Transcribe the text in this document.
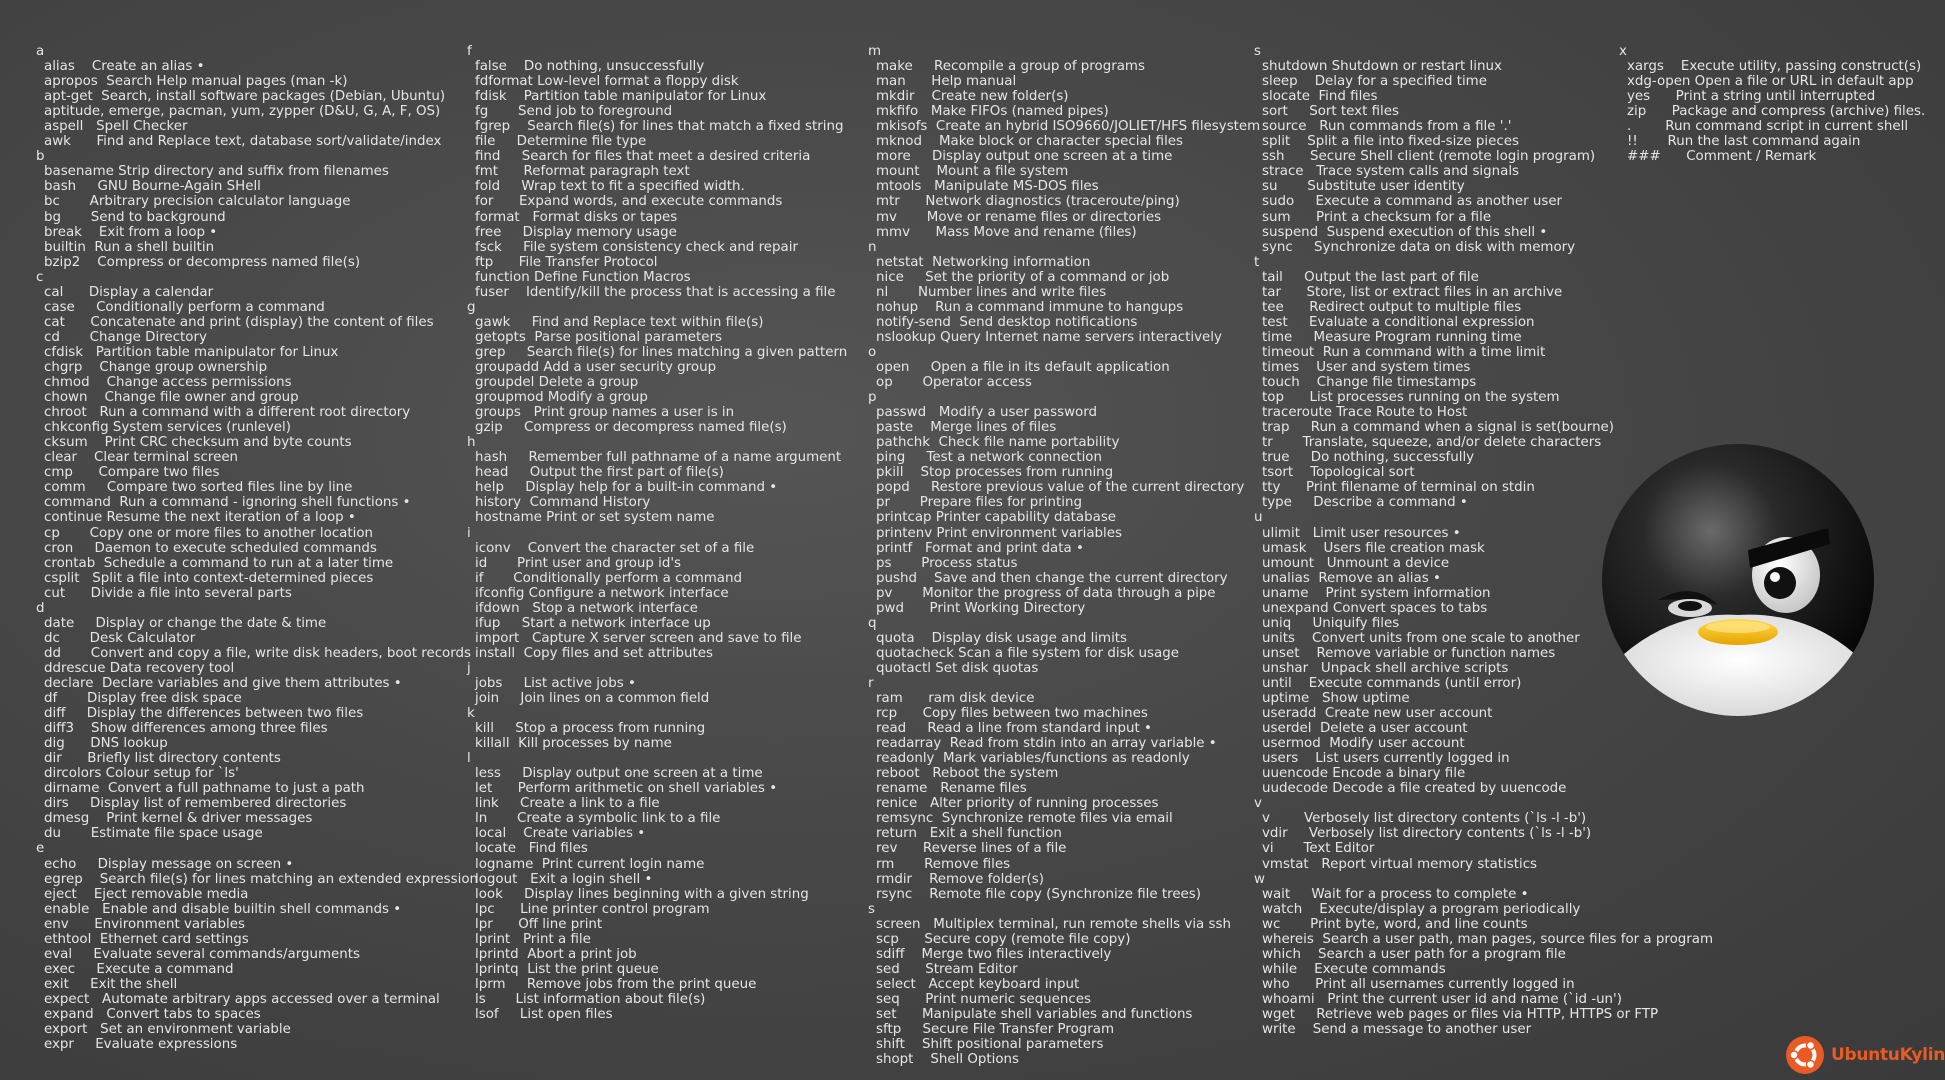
a
alias    Create an alias •
apropos  Search Help manual pages (man -k)
apt-get  Search, install software packages (Debian, Ubuntu)
aptitude, emerge, pacman, yum, zypper (D&U, G, A, F, OS)
aspell   Spell Checker
awk      Find and Replace text, database sort/validate/index
b
basename Strip directory and suffix from filenames
bash     GNU Bourne-Again SHell
bc       Arbitrary precision calculator language
bg       Send to background
break    Exit from a loop •
builtin  Run a shell builtin
bzip2    Compress or decompress named file(s)
c
cal      Display a calendar
case     Conditionally perform a command
cat      Concatenate and print (display) the content of files
cd       Change Directory
cfdisk   Partition table manipulator for Linux
chgrp    Change group ownership
chmod    Change access permissions
chown    Change file owner and group
chroot   Run a command with a different root directory
chkconfig System services (runlevel)
cksum    Print CRC checksum and byte counts
clear    Clear terminal screen
cmp      Compare two files
comm     Compare two sorted files line by line
command  Run a command - ignoring shell functions •
continue Resume the next iteration of a loop •
cp       Copy one or more files to another location
cron     Daemon to execute scheduled commands
crontab  Schedule a command to run at a later time
csplit   Split a file into context-determined pieces
cut      Divide a file into several parts
d
date     Display or change the date & time
dc       Desk Calculator
dd       Convert and copy a file, write disk headers, boot records
ddrescue Data recovery tool
declare  Declare variables and give them attributes •
df       Display free disk space
diff     Display the differences between two files
diff3    Show differences among three files
dig      DNS lookup
dir      Briefly list directory contents
dircolors Colour setup for `ls'
dirname  Convert a full pathname to just a path
dirs     Display list of remembered directories
dmesg    Print kernel & driver messages
du       Estimate file space usage
e
echo     Display message on screen •
egrep    Search file(s) for lines matching an extended expression
eject    Eject removable media
enable   Enable and disable builtin shell commands •
env      Environment variables
ethtool  Ethernet card settings
eval     Evaluate several commands/arguments
exec     Execute a command
exit     Exit the shell
expect   Automate arbitrary apps accessed over a terminal
expand   Convert tabs to spaces
export   Set an environment variable
expr     Evaluate expressions
f
false    Do nothing, unsuccessfully
fdformat Low-level format a floppy disk
fdisk    Partition table manipulator for Linux
fg       Send job to foreground
fgrep    Search file(s) for lines that match a fixed string
file     Determine file type
find     Search for files that meet a desired criteria
fmt      Reformat paragraph text
fold     Wrap text to fit a specified width.
for      Expand words, and execute commands
format   Format disks or tapes
free     Display memory usage
fsck     File system consistency check and repair
ftp      File Transfer Protocol
function Define Function Macros
fuser    Identify/kill the process that is accessing a file
g
gawk     Find and Replace text within file(s)
getopts  Parse positional parameters
grep     Search file(s) for lines matching a given pattern
groupadd Add a user security group
groupdel Delete a group
groupmod Modify a group
groups   Print group names a user is in
gzip     Compress or decompress named file(s)
h
hash     Remember full pathname of a name argument
head     Output the first part of file(s)
help     Display help for a built-in command •
history  Command History
hostname Print or set system name
i
iconv    Convert the character set of a file
id       Print user and group id's
if       Conditionally perform a command
ifconfig Configure a network interface
ifdown   Stop a network interface
ifup     Start a network interface up
import   Capture X server screen and save to file
install  Copy files and set attributes
j
jobs     List active jobs •
join     Join lines on a common field
k
kill     Stop a process from running
killall  Kill processes by name
l
less     Display output one screen at a time
let      Perform arithmetic on shell variables •
link     Create a link to a file
ln       Create a symbolic link to a file
local    Create variables •
locate   Find files
logname  Print current login name
logout   Exit a login shell •
look     Display lines beginning with a given string
lpc      Line printer control program
lpr      Off line print
lprint   Print a file
lprintd  Abort a print job
lprintq  List the print queue
lprm     Remove jobs from the print queue
ls       List information about file(s)
lsof     List open files
m
make     Recompile a group of programs
man      Help manual
mkdir    Create new folder(s)
mkfifo   Make FIFOs (named pipes)
mkisofs  Create an hybrid ISO9660/JOLIET/HFS filesystem
mknod    Make block or character special files
more     Display output one screen at a time
mount    Mount a file system
mtools   Manipulate MS-DOS files
mtr      Network diagnostics (traceroute/ping)
mv       Move or rename files or directories
mmv      Mass Move and rename (files)
n
netstat  Networking information
nice     Set the priority of a command or job
nl       Number lines and write files
nohup    Run a command immune to hangups
notify-send  Send desktop notifications
nslookup Query Internet name servers interactively
o
open     Open a file in its default application
op       Operator access
p
passwd   Modify a user password
paste    Merge lines of files
pathchk  Check file name portability
ping     Test a network connection
pkill    Stop processes from running
popd     Restore previous value of the current directory
pr       Prepare files for printing
printcap Printer capability database
printenv Print environment variables
printf   Format and print data •
ps       Process status
pushd    Save and then change the current directory
pv       Monitor the progress of data through a pipe
pwd      Print Working Directory
q
quota    Display disk usage and limits
quotacheck Scan a file system for disk usage
quotactl Set disk quotas
r
ram      ram disk device
rcp      Copy files between two machines
read     Read a line from standard input •
readarray  Read from stdin into an array variable •
readonly  Mark variables/functions as readonly
reboot   Reboot the system
rename   Rename files
renice   Alter priority of running processes
remsync  Synchronize remote files via email
return   Exit a shell function
rev      Reverse lines of a file
rm       Remove files
rmdir    Remove folder(s)
rsync    Remote file copy (Synchronize file trees)
s
screen   Multiplex terminal, run remote shells via ssh
scp      Secure copy (remote file copy)
sdiff    Merge two files interactively
sed      Stream Editor
select   Accept keyboard input
seq      Print numeric sequences
set      Manipulate shell variables and functions
sftp     Secure File Transfer Program
shift    Shift positional parameters
shopt    Shell Options
s
shutdown Shutdown or restart linux
sleep    Delay for a specified time
slocate  Find files
sort     Sort text files
source   Run commands from a file '.'
split    Split a file into fixed-size pieces
ssh      Secure Shell client (remote login program)
strace   Trace system calls and signals
su       Substitute user identity
sudo     Execute a command as another user
sum      Print a checksum for a file
suspend  Suspend execution of this shell •
sync     Synchronize data on disk with memory
t
tail     Output the last part of file
tar      Store, list or extract files in an archive
tee      Redirect output to multiple files
test     Evaluate a conditional expression
time     Measure Program running time
timeout  Run a command with a time limit
times    User and system times
touch    Change file timestamps
top      List processes running on the system
traceroute Trace Route to Host
trap     Run a command when a signal is set(bourne)
tr       Translate, squeeze, and/or delete characters
true     Do nothing, successfully
tsort    Topological sort
tty      Print filename of terminal on stdin
type     Describe a command •
u
ulimit   Limit user resources •
umask    Users file creation mask
umount   Unmount a device
unalias  Remove an alias •
uname    Print system information
unexpand Convert spaces to tabs
uniq     Uniquify files
units    Convert units from one scale to another
unset    Remove variable or function names
unshar   Unpack shell archive scripts
until    Execute commands (until error)
uptime   Show uptime
useradd  Create new user account
userdel  Delete a user account
usermod  Modify user account
users    List users currently logged in
uuencode Encode a binary file
uudecode Decode a file created by uuencode
v
v        Verbosely list directory contents (`ls -l -b')
vdir     Verbosely list directory contents (`ls -l -b')
vi       Text Editor
vmstat   Report virtual memory statistics
w
wait     Wait for a process to complete •
watch    Execute/display a program periodically
wc       Print byte, word, and line counts
whereis  Search a user path, man pages, source files for a program
which    Search a user path for a program file
while    Execute commands
who      Print all usernames currently logged in
whoami   Print the current user id and name (`id -un')
wget     Retrieve web pages or files via HTTP, HTTPS or FTP
write    Send a message to another user
x
xargs    Execute utility, passing construct(s)
xdg-open Open a file or URL in default app
yes      Print a string until interrupted
zip      Package and compress (archive) files.
.        Run command script in current shell
!!       Run the last command again
###      Comment / Remark
UbuntuKylin
